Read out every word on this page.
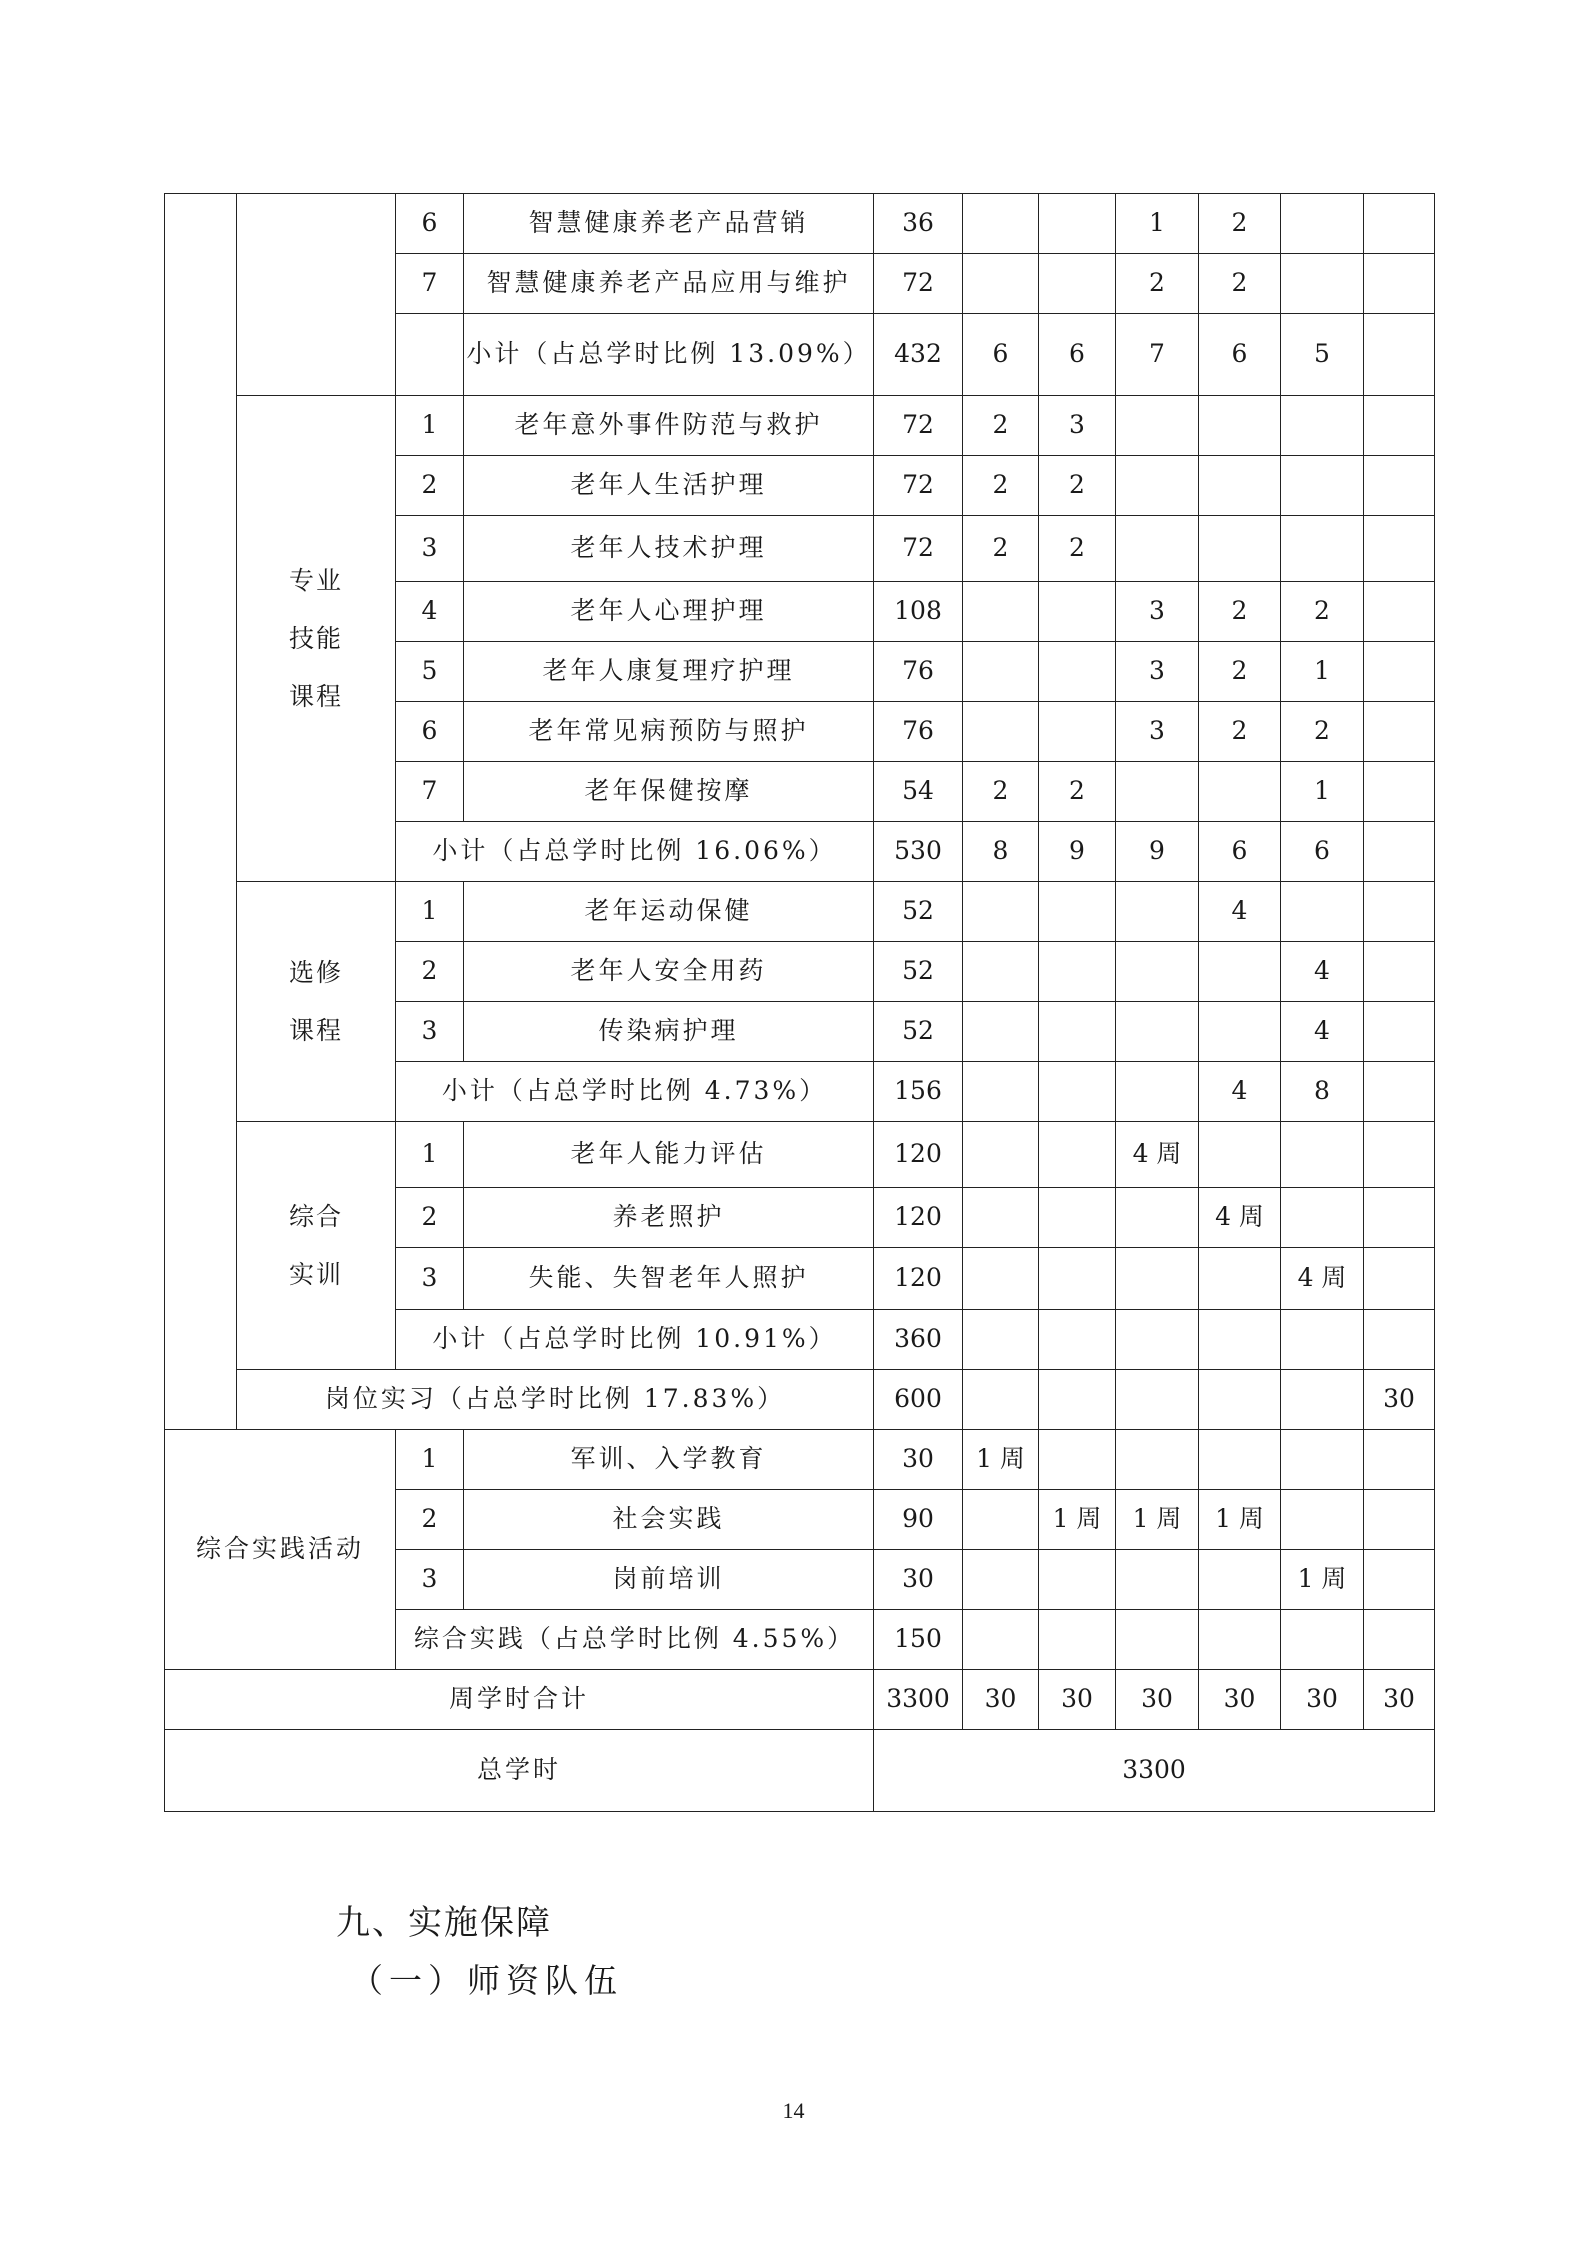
		6	智慧健康养老产品营销	36			1	2		
		7	智慧健康养老产品应用与维护	72			2	2		
			小计（占总学时比例 13.09%）	432	6	6	7	6	5	
	专业
技能
课程	1	老年意外事件防范与救护	72	2	3				
		2	老年人生活护理	72	2	2				
		3	老年人技术护理	72	2	2				
		4	老年人心理护理	108			3	2	2	
		5	老年人康复理疗护理	76			3	2	1	
		6	老年常见病预防与照护	76			3	2	2	
		7	老年保健按摩	54	2	2			1	
		小计（占总学时比例 16.06%）		530	8	9	9	6	6	
	选修
课程	1	老年运动保健	52				4		
		2	老年人安全用药	52					4	
		3	传染病护理	52					4	
		小计（占总学时比例 4.73%）		156				4	8	
	综合
实训	1	老年人能力评估	120			4 周			
		2	养老照护	120				4 周		
		3	失能、失智老年人照护	120					4 周	
		小计（占总学时比例 10.91%）		360						
	岗位实习（占总学时比例 17.83%）			600						30
综合实践活动		1	军训、入学教育	30	1 周					
		2	社会实践	90		1 周	1 周	1 周		
		3	岗前培训	30					1 周	
		综合实践（占总学时比例 4.55%）		150						
周学时合计				3300	30	30	30	30	30	30
总学时				3300						
九、实施保障
（一）师资队伍
14
